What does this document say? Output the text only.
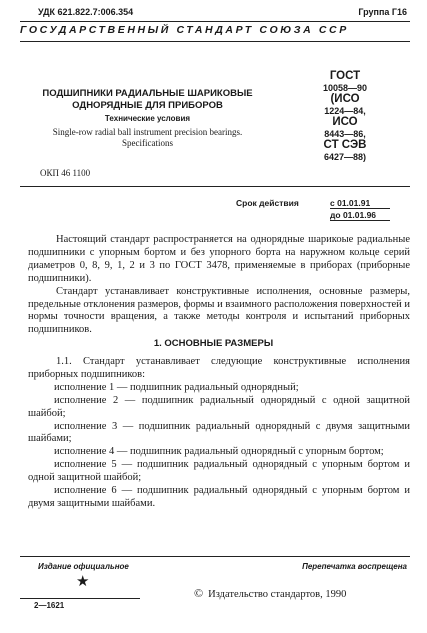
УДК 621.822.7:006.354	Группа Г16
ГОСУДАРСТВЕННЫЙ СТАНДАРТ СОЮЗА ССР
ПОДШИПНИКИ РАДИАЛЬНЫЕ ШАРИКОВЫЕ
ОДНОРЯДНЫЕ ДЛЯ ПРИБОРОВ
Технические условия
Single-row radial ball instrument precision bearings.
Specifications
ОКП 46 1100
ГОСТ
10058—90
(ИСО
1224—84,
ИСО
8443—86,
СТ СЭВ
6427—88)
Срок действия	с 01.01.91
до 01.01.96

Настоящий стандарт распространяется на однорядные шарикоые радиальные подшипники с упорным бортом и без упорного борта на наружном кольце серий диаметров 0, 8, 9, 1, 2 и 3 по ГОСТ 3478, применяемые в приборах (приборные подшипники).

Стандарт устанавливает конструктивные исполнения, основные размеры, предельные отклонения размеров, формы и взаимного расположения поверхностей и нормы точности вращения, а также методы контроля и испытаний приборных подшипников.

1. ОСНОВНЫЕ РАЗМЕРЫ

1.1. Стандарт устанавливает следующие конструктивные исполнения приборных подшипников:

исполнение 1 — подшипник радиальный однорядный;

исполнение 2 — подшипник радиальный однорядный с одной защитной шайбой;

исполнение 3 — подшипник радиальный однорядный с двумя защитными шайбами;

исполнение 4 — подшипник радиальный однорядный с упорным бортом;

исполнение 5 — подшипник радиальный однорядный с упорным бортом и одной защитной шайбой;

исполнение 6 — подшипник радиальный однорядный с упорным бортом и двумя защитными шайбами.

Издание официальное	Перепечатка воспрещена
★
© Издательство стандартов, 1990
2—1621
